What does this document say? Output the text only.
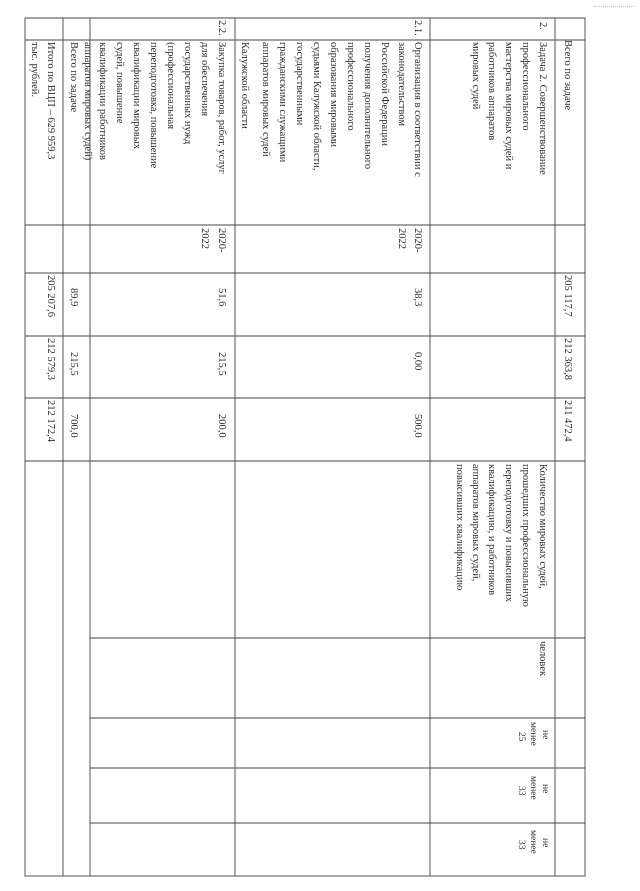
Всего по задаче
205 117,7
212 363,8
211 472,4
2.
Задача 2. Совершенствование
профессионального
мастерства мировых судей и
работников аппаратов
мировых судей
Количество мировых судей,
прошедших профессиональную
переподготовку и повысивших
квалификацию, и работников
аппаратов мировых судей,
повысивших квалификацию
человек
не
менее
25
не
менее
33
не
менее
33
2.1.
Организация в соответствии с
законодательством
Российской Федерации
получения дополнительного
профессионального
образования мировыми
судьями Калужской области,
государственными
гражданскими служащими
аппаратов мировых судей
Калужской области
2020-
2022
38,3
0,00
500,0
2.2.
Закупка товаров, работ, услуг
для обеспечения
государственных нужд
(профессиональная
переподготовка, повышение
квалификации мировых
судей, повышение
квалификации работников
аппаратов мировых судей)
2020-
2022
51,6
215,5
200,0
Всего по задаче
89,9
215,5
700,0
Итого по ВЦП – 629 959,3
тыс. рублей.
205 207,6
212 579,3
212 172,4
